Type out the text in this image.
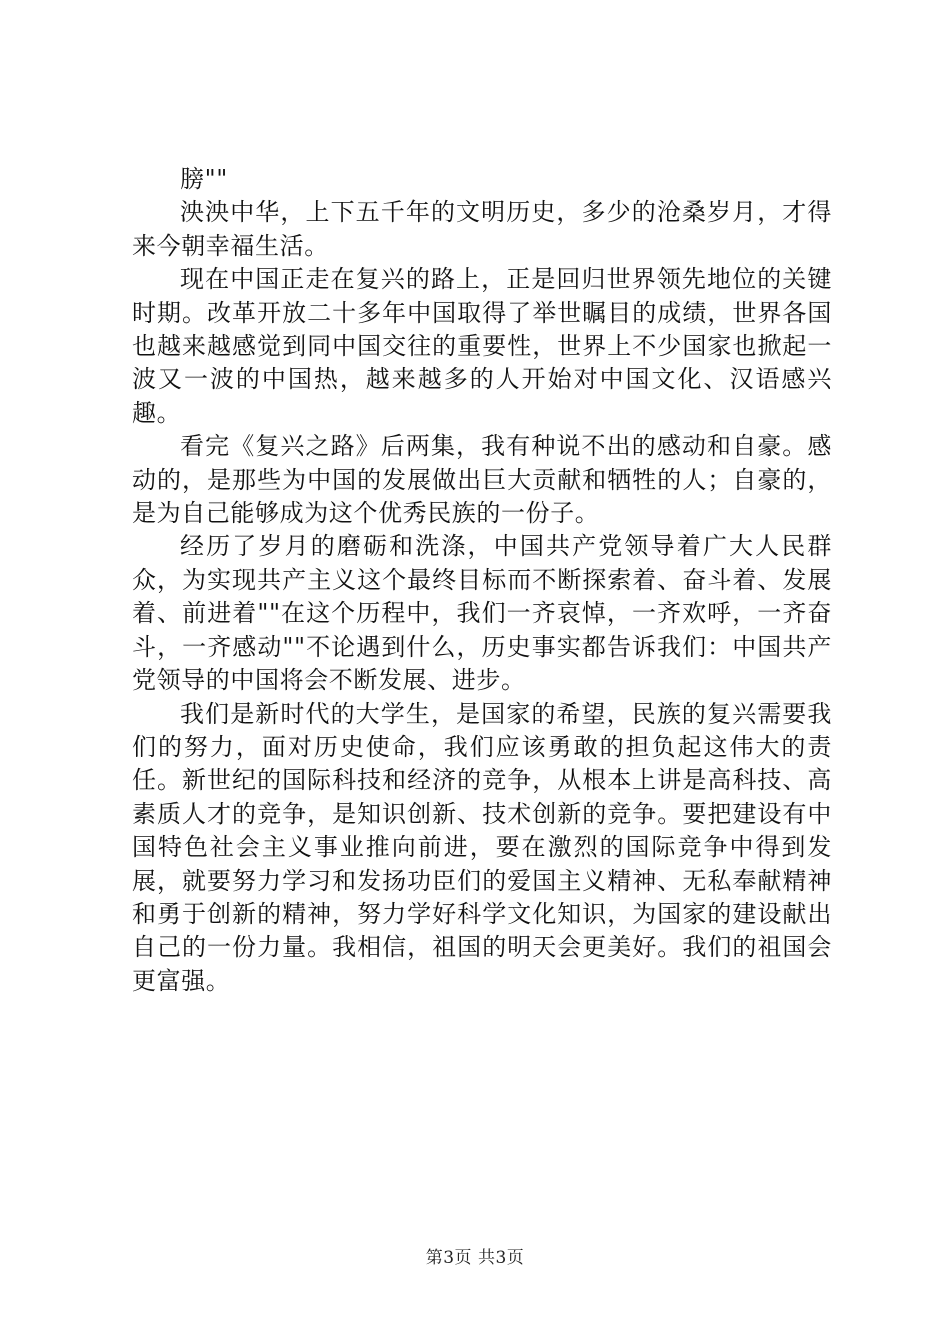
膀""

泱泱中华，上下五千年的文明历史，多少的沧桑岁月，才得来今朝幸福生活。

现在中国正走在复兴的路上，正是回归世界领先地位的关键时期。改革开放二十多年中国取得了举世瞩目的成绩，世界各国也越来越感觉到同中国交往的重要性，世界上不少国家也掀起一波又一波的中国热，越来越多的人开始对中国文化、汉语感兴趣。

看完《复兴之路》后两集，我有种说不出的感动和自豪。感动的，是那些为中国的发展做出巨大贡献和牺牲的人；自豪的，是为自己能够成为这个优秀民族的一份子。

经历了岁月的磨砺和洗涤，中国共产党领导着广大人民群众，为实现共产主义这个最终目标而不断探索着、奋斗着、发展着、前进着""在这个历程中，我们一齐哀悼，一齐欢呼，一齐奋斗，一齐感动""不论遇到什么，历史事实都告诉我们：中国共产党领导的中国将会不断发展、进步。

我们是新时代的大学生，是国家的希望，民族的复兴需要我们的努力，面对历史使命，我们应该勇敢的担负起这伟大的责任。新世纪的国际科技和经济的竞争，从根本上讲是高科技、高素质人才的竞争，是知识创新、技术创新的竞争。要把建设有中国特色社会主义事业推向前进，要在激烈的国际竞争中得到发展，就要努力学习和发扬功臣们的爱国主义精神、无私奉献精神和勇于创新的精神，努力学好科学文化知识，为国家的建设献出自己的一份力量。我相信，祖国的明天会更美好。我们的祖国会更富强。

第3页 共3页
